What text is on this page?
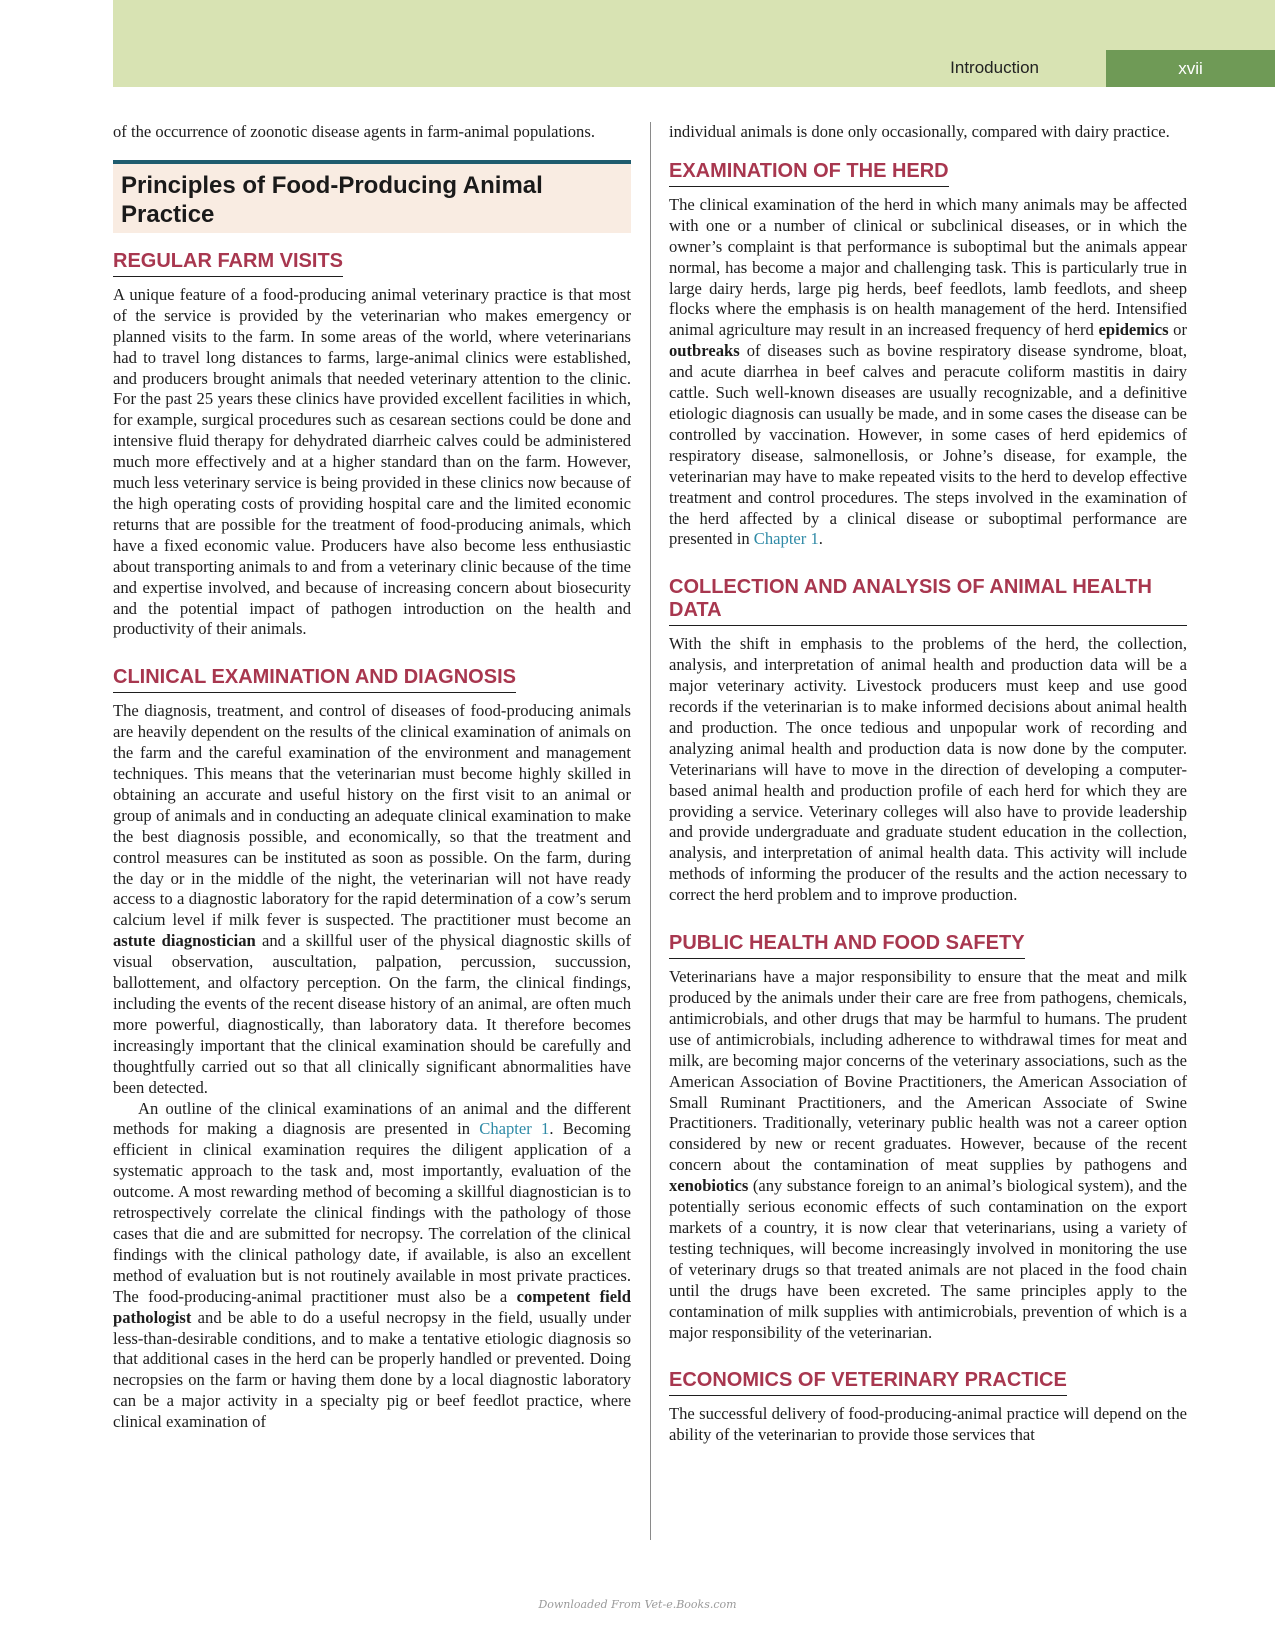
Introduction	xvii

of the occurrence of zoonotic disease agents in farm-animal populations.

Principles of Food-Producing Animal Practice
REGULAR FARM VISITS

A unique feature of a food-producing animal veterinary practice is that most of the service is provided by the veterinarian who makes emergency or planned visits to the farm. In some areas of the world, where veterinarians had to travel long distances to farms, large-animal clinics were established, and producers brought animals that needed veterinary attention to the clinic. For the past 25 years these clinics have provided excellent facilities in which, for example, surgical procedures such as cesarean sections could be done and intensive fluid therapy for dehydrated diarrheic calves could be administered much more effectively and at a higher standard than on the farm. However, much less veterinary service is being provided in these clinics now because of the high operating costs of providing hospital care and the limited economic returns that are possible for the treatment of food-producing animals, which have a fixed economic value. Producers have also become less enthusiastic about transporting animals to and from a veterinary clinic because of the time and expertise involved, and because of increasing concern about biosecurity and the potential impact of pathogen introduction on the health and productivity of their animals.

CLINICAL EXAMINATION AND DIAGNOSIS

The diagnosis, treatment, and control of diseases of food-producing animals are heavily dependent on the results of the clinical examination of animals on the farm and the careful examination of the environment and management techniques. This means that the veterinarian must become highly skilled in obtaining an accurate and useful history on the first visit to an animal or group of animals and in conducting an adequate clinical examination to make the best diagnosis possible, and economically, so that the treatment and control measures can be instituted as soon as possible. On the farm, during the day or in the middle of the night, the veterinarian will not have ready access to a diagnostic laboratory for the rapid determination of a cow’s serum calcium level if milk fever is suspected. The practitioner must become an astute diagnostician and a skillful user of the physical diagnostic skills of visual observation, auscultation, palpation, percussion, succussion, ballottement, and olfactory perception. On the farm, the clinical findings, including the events of the recent disease history of an animal, are often much more powerful, diagnostically, than laboratory data. It therefore becomes increasingly important that the clinical examination should be carefully and thoughtfully carried out so that all clinically significant abnormalities have been detected.

An outline of the clinical examinations of an animal and the different methods for making a diagnosis are presented in Chapter 1. Becoming efficient in clinical examination requires the diligent application of a systematic approach to the task and, most importantly, evaluation of the outcome. A most rewarding method of becoming a skillful diagnostician is to retrospectively correlate the clinical findings with the pathology of those cases that die and are submitted for necropsy. The correlation of the clinical findings with the clinical pathology date, if available, is also an excellent method of evaluation but is not routinely available in most private practices. The food-producing-animal practitioner must also be a competent field pathologist and be able to do a useful necropsy in the field, usually under less-than-desirable conditions, and to make a tentative etiologic diagnosis so that additional cases in the herd can be properly handled or prevented. Doing necropsies on the farm or having them done by a local diagnostic laboratory can be a major activity in a specialty pig or beef feedlot practice, where clinical examination of

individual animals is done only occasionally, compared with dairy practice.

EXAMINATION OF THE HERD

The clinical examination of the herd in which many animals may be affected with one or a number of clinical or subclinical diseases, or in which the owner’s complaint is that performance is suboptimal but the animals appear normal, has become a major and challenging task. This is particularly true in large dairy herds, large pig herds, beef feedlots, lamb feedlots, and sheep flocks where the emphasis is on health management of the herd. Intensified animal agriculture may result in an increased frequency of herd epidemics or outbreaks of diseases such as bovine respiratory disease syndrome, bloat, and acute diarrhea in beef calves and peracute coliform mastitis in dairy cattle. Such well-known diseases are usually recognizable, and a definitive etiologic diagnosis can usually be made, and in some cases the disease can be controlled by vaccination. However, in some cases of herd epidemics of respiratory disease, salmonellosis, or Johne’s disease, for example, the veterinarian may have to make repeated visits to the herd to develop effective treatment and control procedures. The steps involved in the examination of the herd affected by a clinical disease or suboptimal performance are presented in Chapter 1.

COLLECTION AND ANALYSIS OF ANIMAL HEALTH DATA

With the shift in emphasis to the problems of the herd, the collection, analysis, and interpretation of animal health and production data will be a major veterinary activity. Livestock producers must keep and use good records if the veterinarian is to make informed decisions about animal health and production. The once tedious and unpopular work of recording and analyzing animal health and production data is now done by the computer. Veterinarians will have to move in the direction of developing a computer-based animal health and production profile of each herd for which they are providing a service. Veterinary colleges will also have to provide leadership and provide undergraduate and graduate student education in the collection, analysis, and interpretation of animal health data. This activity will include methods of informing the producer of the results and the action necessary to correct the herd problem and to improve production.

PUBLIC HEALTH AND FOOD SAFETY

Veterinarians have a major responsibility to ensure that the meat and milk produced by the animals under their care are free from pathogens, chemicals, antimicrobials, and other drugs that may be harmful to humans. The prudent use of antimicrobials, including adherence to withdrawal times for meat and milk, are becoming major concerns of the veterinary associations, such as the American Association of Bovine Practitioners, the American Association of Small Ruminant Practitioners, and the American Associate of Swine Practitioners. Traditionally, veterinary public health was not a career option considered by new or recent graduates. However, because of the recent concern about the contamination of meat supplies by pathogens and xenobiotics (any substance foreign to an animal’s biological system), and the potentially serious economic effects of such contamination on the export markets of a country, it is now clear that veterinarians, using a variety of testing techniques, will become increasingly involved in monitoring the use of veterinary drugs so that treated animals are not placed in the food chain until the drugs have been excreted. The same principles apply to the contamination of milk supplies with antimicrobials, prevention of which is a major responsibility of the veterinarian.

ECONOMICS OF VETERINARY PRACTICE

The successful delivery of food-producing-animal practice will depend on the ability of the veterinarian to provide those services that

Downloaded From Vet-e.Books.com
